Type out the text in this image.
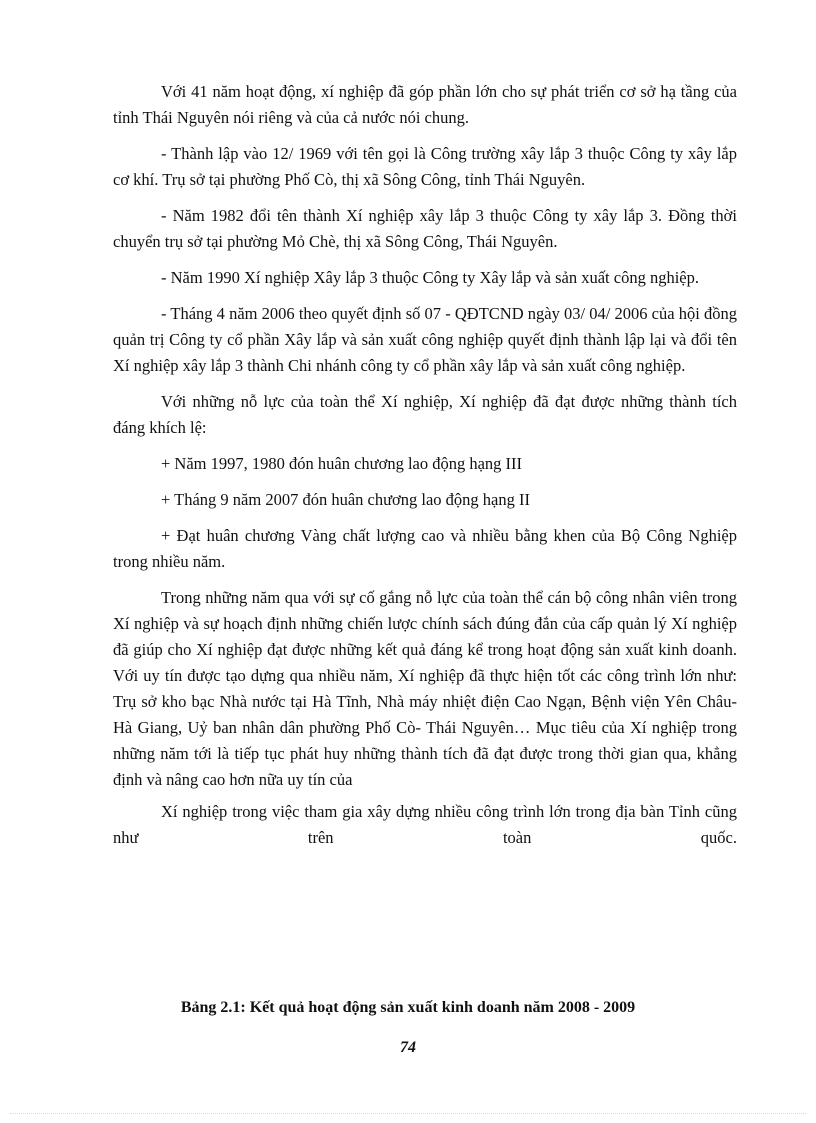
Với 41 năm hoạt động, xí nghiệp đã góp phần lớn cho sự phát triển cơ sở hạ tầng của tỉnh Thái Nguyên nói riêng và của cả nước nói chung.

- Thành lập vào 12/ 1969 với tên gọi là Công trường xây lắp 3 thuộc Công ty xây lắp cơ khí. Trụ sở tại phường Phố Cò, thị xã Sông Công, tỉnh Thái Nguyên.

- Năm 1982 đổi tên thành Xí nghiệp xây lắp 3 thuộc Công ty xây lắp 3. Đồng thời chuyển trụ sở tại phường Mỏ Chè, thị xã Sông Công, Thái Nguyên.

- Năm 1990 Xí nghiệp Xây lắp 3 thuộc Công ty Xây lắp và sản xuất công nghiệp.

- Tháng 4 năm 2006 theo quyết định số 07 - QĐTCND ngày 03/ 04/ 2006 của hội đồng quản trị Công ty cổ phần Xây lắp và sản xuất công nghiệp quyết định thành lập lại và đổi tên Xí nghiệp xây lắp 3 thành Chi nhánh công ty cổ phần xây lắp và sản xuất công nghiệp.

Với những nỗ lực của toàn thể Xí nghiệp, Xí nghiệp đã đạt được những thành tích đáng khích lệ:

+ Năm 1997, 1980 đón huân chương lao động hạng III

+ Tháng 9 năm 2007 đón huân chương lao động hạng II

+ Đạt huân chương Vàng chất lượng cao và nhiều bằng khen của Bộ Công Nghiệp trong nhiều năm.

Trong những năm qua với sự cố gắng nỗ lực của toàn thể cán bộ công nhân viên trong Xí nghiệp và sự hoạch định những chiến lược chính sách đúng đắn của cấp quản lý Xí nghiệp đã giúp cho Xí nghiệp đạt được những kết quả đáng kể trong hoạt động sản xuất kinh doanh. Với uy tín được tạo dựng qua nhiều năm, Xí nghiệp đã thực hiện tốt các công trình lớn như: Trụ sở kho bạc Nhà nước tại Hà Tĩnh, Nhà máy nhiệt điện Cao Ngạn, Bệnh viện Yên Châu- Hà Giang, Uỷ ban nhân dân phường Phố Cò- Thái Nguyên… Mục tiêu của Xí nghiệp trong những năm tới là tiếp tục phát huy những thành tích đã đạt được trong thời gian qua, khẳng định và nâng cao hơn nữa uy tín của

Xí nghiệp trong việc tham gia xây dựng nhiều công trình lớn trong địa bàn Tỉnh cũng như trên toàn quốc.

Bảng 2.1: Kết quả hoạt động sản xuất kinh doanh năm 2008 - 2009
74
